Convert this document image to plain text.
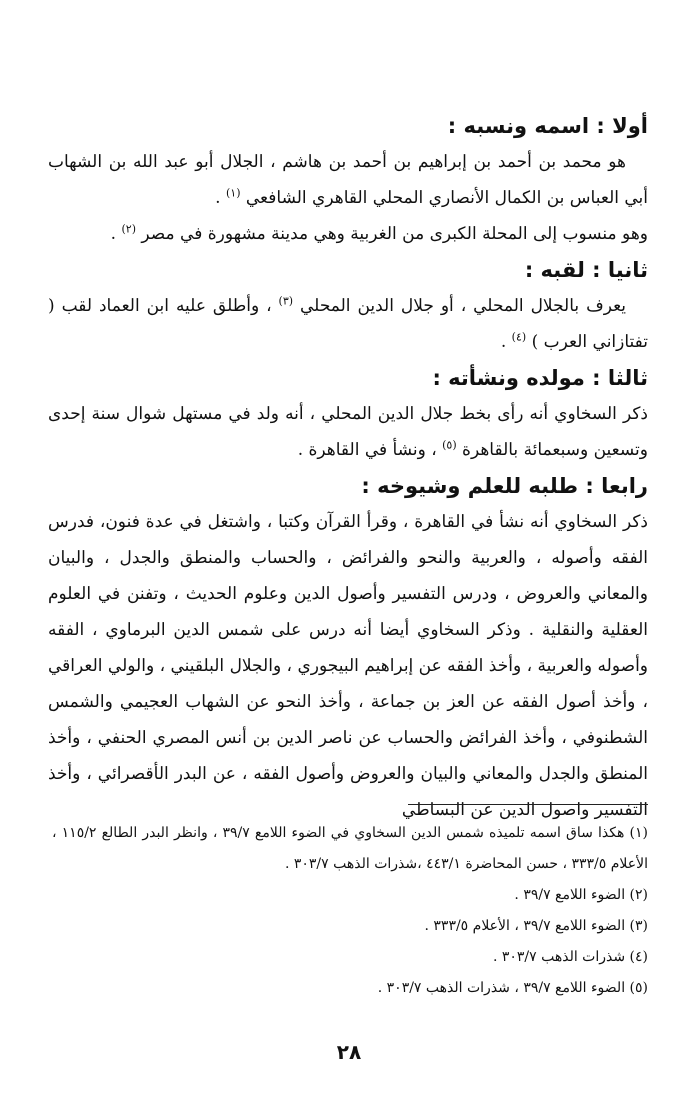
أولا : اسمه ونسبه :

هو محمد بن أحمد بن إبراهيم بن أحمد بن هاشم ، الجلال أبو عبد الله بن الشهاب أبي العباس بن الكمال الأنصاري المحلي القاهري الشافعي $^{(١)}$ .

وهو منسوب إلى المحلة الكبرى من الغربية وهي مدينة مشهورة في مصر $^{(٢)}$ .

ثانيا : لقبه :

يعرف بالجلال المحلي ، أو جلال الدين المحلي $^{(٣)}$ ، وأطلق عليه ابن العماد لقب ( تفتازاني العرب ) $^{(٤)}$ .

ثالثا : مولده ونشأته :

ذكر السخاوي أنه رأى بخط جلال الدين المحلي ، أنه ولد في مستهل شوال سنة إحدى وتسعين وسبعمائة بالقاهرة $^{(٥)}$ ، ونشأ في القاهرة .

رابعا : طلبه للعلم وشيوخه :

ذكر السخاوي أنه نشأ في القاهرة ، وقرأ القرآن وكتبا ، واشتغل في عدة فنون، فدرس الفقه وأصوله ، والعربية والنحو والفرائض ، والحساب والمنطق والجدل ، والبيان والمعاني والعروض ، ودرس التفسير وأصول الدين وعلوم الحديث ، وتفنن في العلوم العقلية والنقلية . وذكر السخاوي أيضا أنه درس على شمس الدين البرماوي ، الفقه وأصوله والعربية ، وأخذ الفقه عن إبراهيم البيجوري ، والجلال البلقيني ، والولي العراقي ، وأخذ أصول الفقه عن العز بن جماعة ، وأخذ النحو عن الشهاب العجيمي والشمس الشطنوفي ، وأخذ الفرائض والحساب عن ناصر الدين بن أنس المصري الحنفي ، وأخذ المنطق والجدل والمعاني والبيان والعروض وأصول الفقه ، عن البدر الأقصرائي ، وأخذ التفسير واصول الدين عن البساطي

(١) هكذا ساق اسمه تلميذه شمس الدين السخاوي في الضوء اللامع ٣٩/٧ ، وانظر البدر الطالع ١١٥/٢ ، الأعلام ٣٣٣/٥ ، حسن المحاضرة ٤٤٣/١ ،شذرات الذهب ٣٠٣/٧ .

(٢) الضوء اللامع ٣٩/٧ .

(٣) الضوء اللامع ٣٩/٧ ، الأعلام ٣٣٣/٥ .

(٤) شذرات الذهب ٣٠٣/٧ .

(٥) الضوء اللامع ٣٩/٧ ، شذرات الذهب ٣٠٣/٧ .

٢٨
